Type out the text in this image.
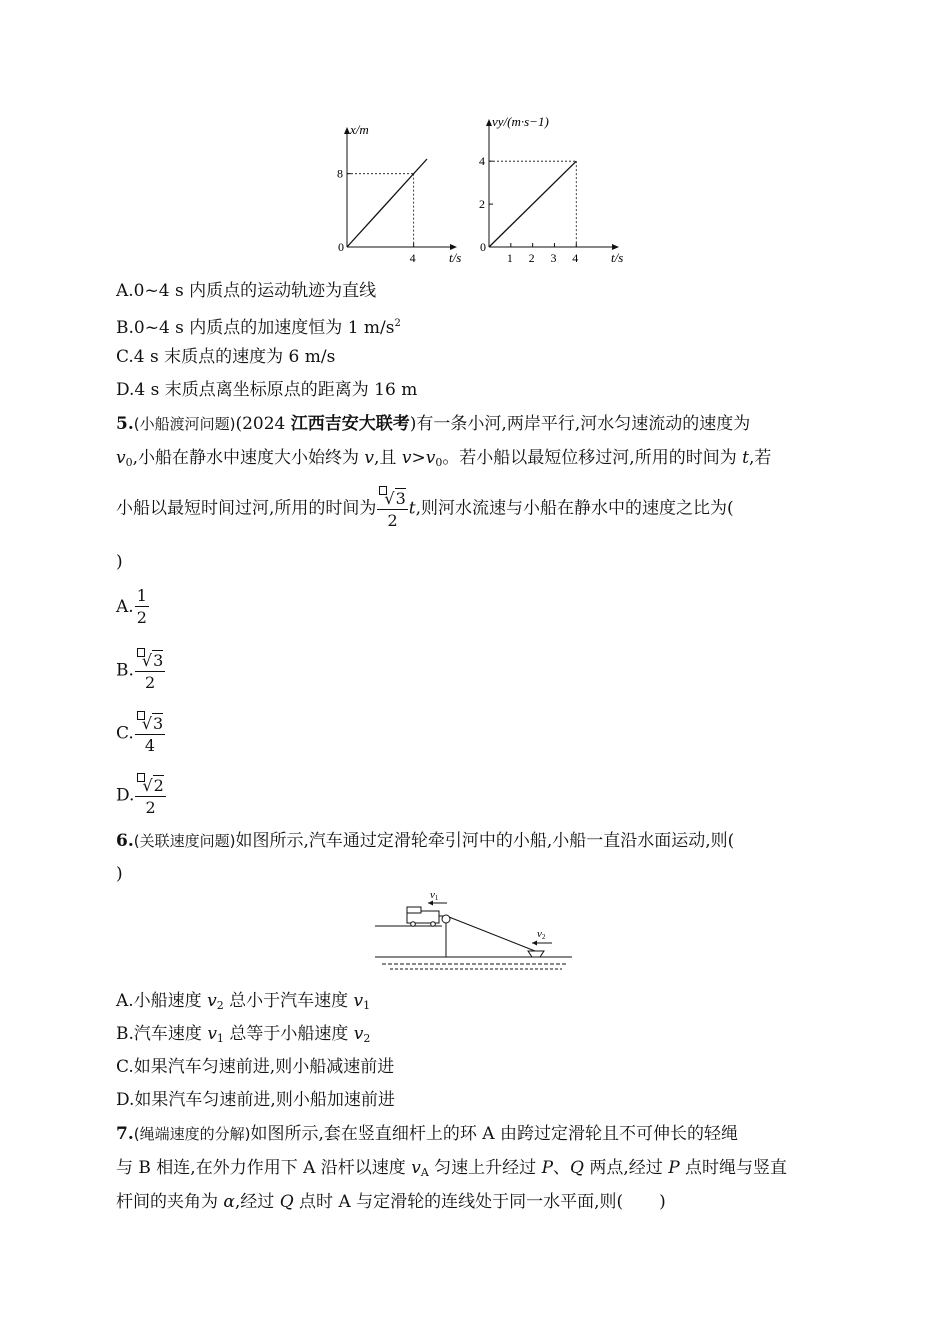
x/m
t/s
0
4
8
vy/(m·s−1)
t/s
0
1 2 3 4
2
4
A.0~4 s 内质点的运动轨迹为直线
B.0~4 s 内质点的加速度恒为 1 $m/s^2$
C.4 s 末质点的速度为 6 m/s
D.4 s 末质点离坐标原点的距离为 16 m
5.(小船渡河问题)(2024 江西吉安大联考)有一条小河,两岸平行,河水匀速流动的速度为
$v_0$,小船在静水中速度大小始终为 v,且 $v>v_0$。若小船以最短位移过河,所用的时间为 t,若
小船以最短时间过河,所用的时间为 $\frac{√3}{2} t$,则河水流速与小船在静水中的速度之比为(
)
A. $\frac{1}{2}$
B. $\frac{√3}{2}$
C. $\frac{√3}{4}$
D. $\frac{√2}{2}$
6.(关联速度问题)如图所示,汽车通过定滑轮牵引河中的小船,小船一直沿水面运动,则(
)
v1
v2
A.小船速度 $v_2$ 总小于汽车速度 $v_1$
B.汽车速度 $v_1$ 总等于小船速度 $v_2$
C.如果汽车匀速前进,则小船减速前进
D.如果汽车匀速前进,则小船加速前进
7.(绳端速度的分解)如图所示,套在竖直细杆上的环 A 由跨过定滑轮且不可伸长的轻绳
与 B 相连,在外力作用下 A 沿杆以速度 $v_A$ 匀速上升经过 P、Q 两点,经过 P 点时绳与竖直
杆间的夹角为 α,经过 Q 点时 A 与定滑轮的连线处于同一水平面,则( )
